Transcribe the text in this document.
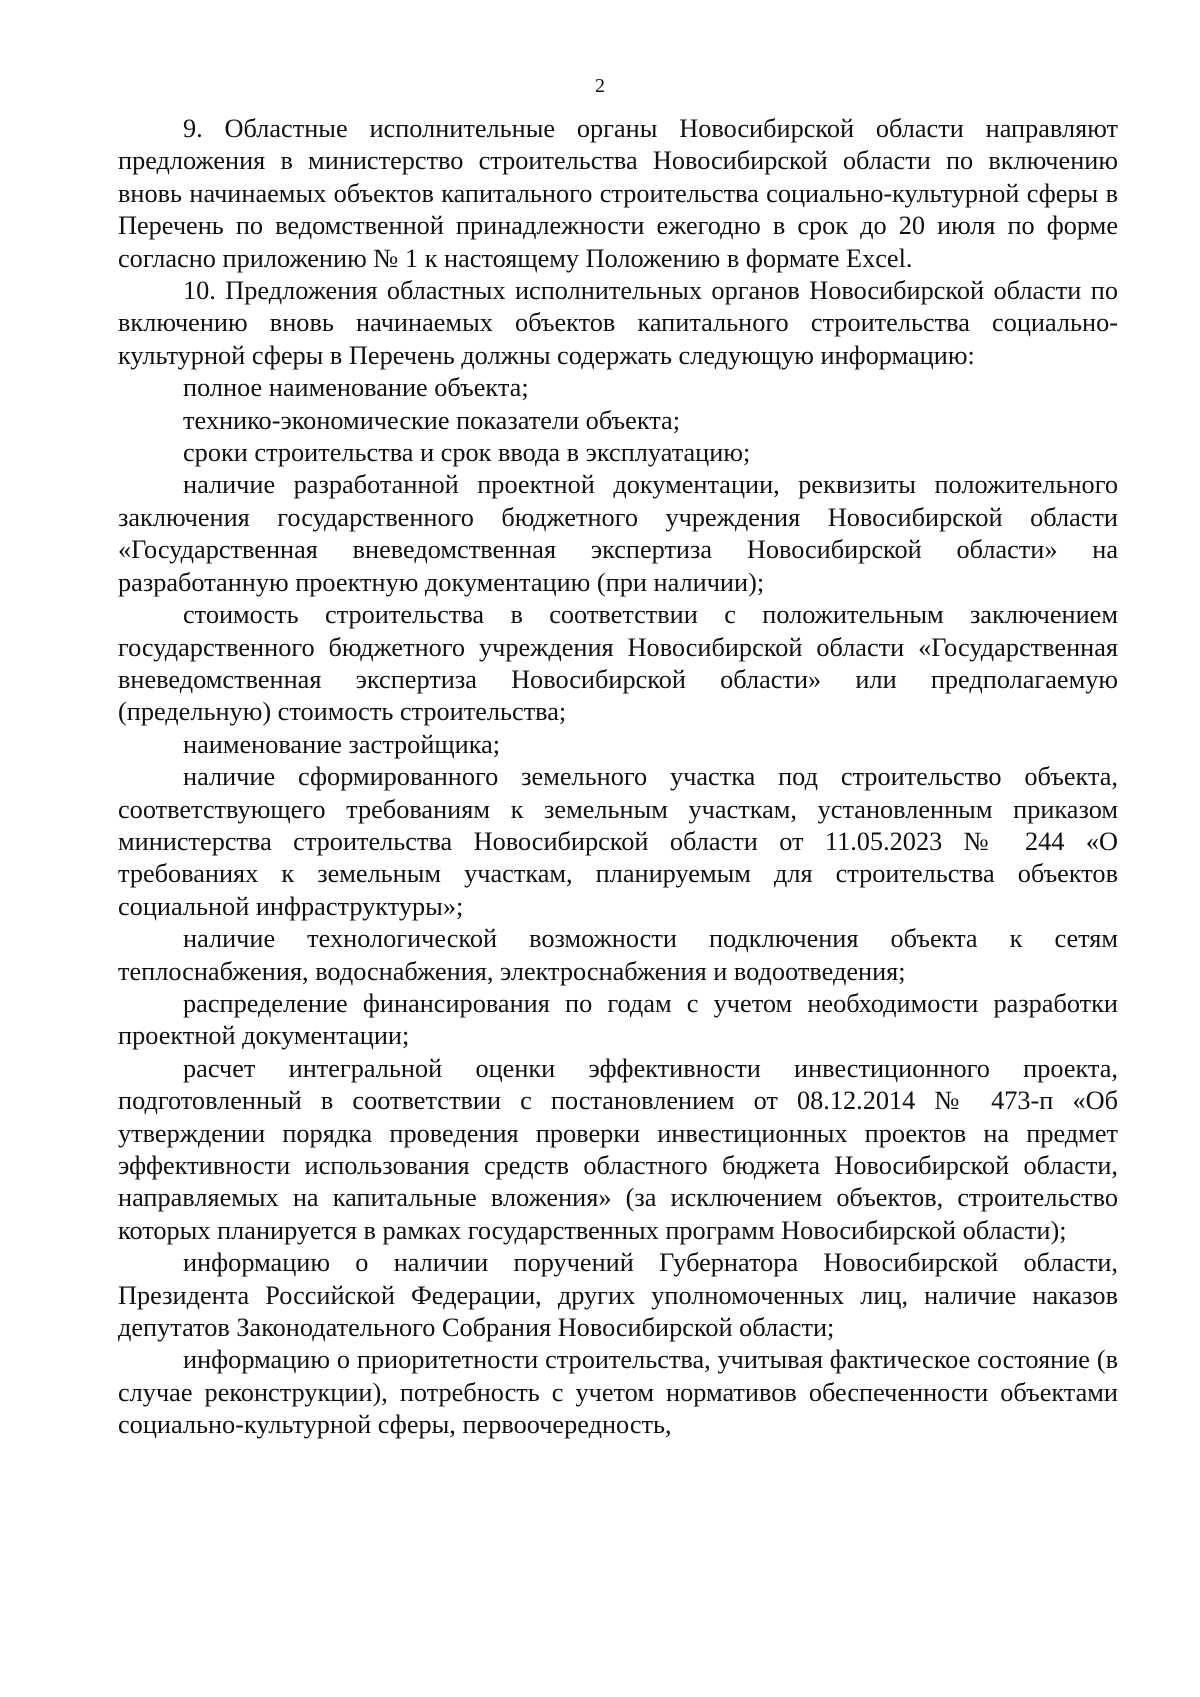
2

9. Областные исполнительные органы Новосибирской области направляют предложения в министерство строительства Новосибирской области по включению вновь начинаемых объектов капитального строительства социально-культурной сферы в Перечень по ведомственной принадлежности ежегодно в срок до 20 июля по форме согласно приложению № 1 к настоящему Положению в формате Excel.

10. Предложения областных исполнительных органов Новосибирской области по включению вновь начинаемых объектов капитального строительства социально-культурной сферы в Перечень должны содержать следующую информацию:

полное наименование объекта;

технико-экономические показатели объекта;

сроки строительства и срок ввода в эксплуатацию;

наличие разработанной проектной документации, реквизиты положительного заключения государственного бюджетного учреждения Новосибирской области «Государственная вневедомственная экспертиза Новосибирской области» на разработанную проектную документацию (при наличии);

стоимость строительства в соответствии с положительным заключением государственного бюджетного учреждения Новосибирской области «Государственная вневедомственная экспертиза Новосибирской области» или предполагаемую (предельную) стоимость строительства;

наименование застройщика;

наличие сформированного земельного участка под строительство объекта, соответствующего требованиям к земельным участкам, установленным приказом министерства строительства Новосибирской области от 11.05.2023 № 244 «О требованиях к земельным участкам, планируемым для строительства объектов социальной инфраструктуры»;

наличие технологической возможности подключения объекта к сетям теплоснабжения, водоснабжения, электроснабжения и водоотведения;

распределение финансирования по годам с учетом необходимости разработки проектной документации;

расчет интегральной оценки эффективности инвестиционного проекта, подготовленный в соответствии с постановлением от 08.12.2014 № 473-п «Об утверждении порядка проведения проверки инвестиционных проектов на предмет эффективности использования средств областного бюджета Новосибирской области, направляемых на капитальные вложения» (за исключением объектов, строительство которых планируется в рамках государственных программ Новосибирской области);

информацию о наличии поручений Губернатора Новосибирской области, Президента Российской Федерации, других уполномоченных лиц, наличие наказов депутатов Законодательного Собрания Новосибирской области;

информацию о приоритетности строительства, учитывая фактическое состояние (в случае реконструкции), потребность с учетом нормативов обеспеченности объектами социально-культурной сферы, первоочередность,
